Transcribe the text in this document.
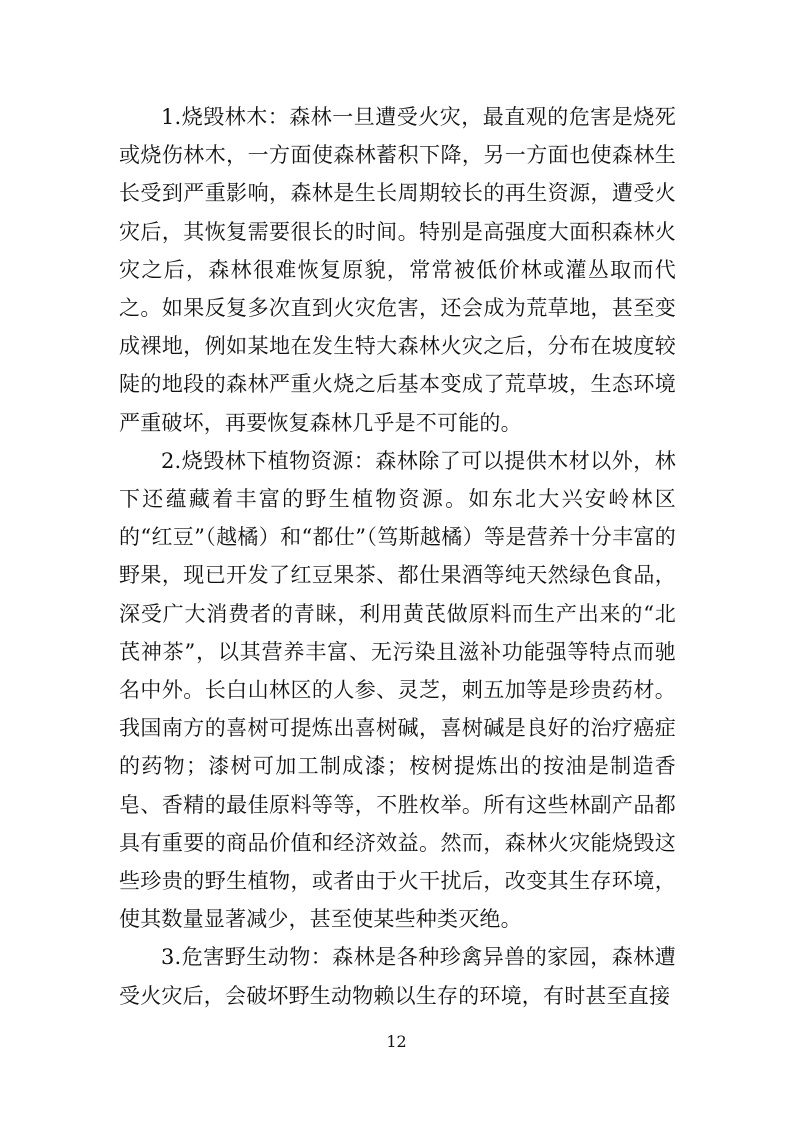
1.烧毁林木：森林一旦遭受火灾，最直观的危害是烧死或烧伤林木，一方面使森林蓄积下降，另一方面也使森林生长受到严重影响，森林是生长周期较长的再生资源，遭受火灾后，其恢复需要很长的时间。特别是高强度大面积森林火灾之后，森林很难恢复原貌，常常被低价林或灌丛取而代之。如果反复多次直到火灾危害，还会成为荒草地，甚至变成裸地，例如某地在发生特大森林火灾之后，分布在坡度较陡的地段的森林严重火烧之后基本变成了荒草坡，生态环境严重破坏，再要恢复森林几乎是不可能的。

2.烧毁林下植物资源：森林除了可以提供木材以外，林下还蕴藏着丰富的野生植物资源。如东北大兴安岭林区的“红豆”（越橘）和“都仕”（笃斯越橘）等是营养十分丰富的野果，现已开发了红豆果茶、都仕果酒等纯天然绿色食品，深受广大消费者的青睐，利用黄芪做原料而生产出来的“北芪神茶”，以其营养丰富、无污染且滋补功能强等特点而驰名中外。长白山林区的人参、灵芝，刺五加等是珍贵药材。我国南方的喜树可提炼出喜树碱，喜树碱是良好的治疗癌症的药物；漆树可加工制成漆；桉树提炼出的按油是制造香皂、香精的最佳原料等等，不胜枚举。所有这些林副产品都具有重要的商品价值和经济效益。然而，森林火灾能烧毁这些珍贵的野生植物，或者由于火干扰后，改变其生存环境，使其数量显著减少，甚至使某些种类灭绝。

3.危害野生动物：森林是各种珍禽异兽的家园，森林遭受火灾后，会破坏野生动物赖以生存的环境，有时甚至直接

12
